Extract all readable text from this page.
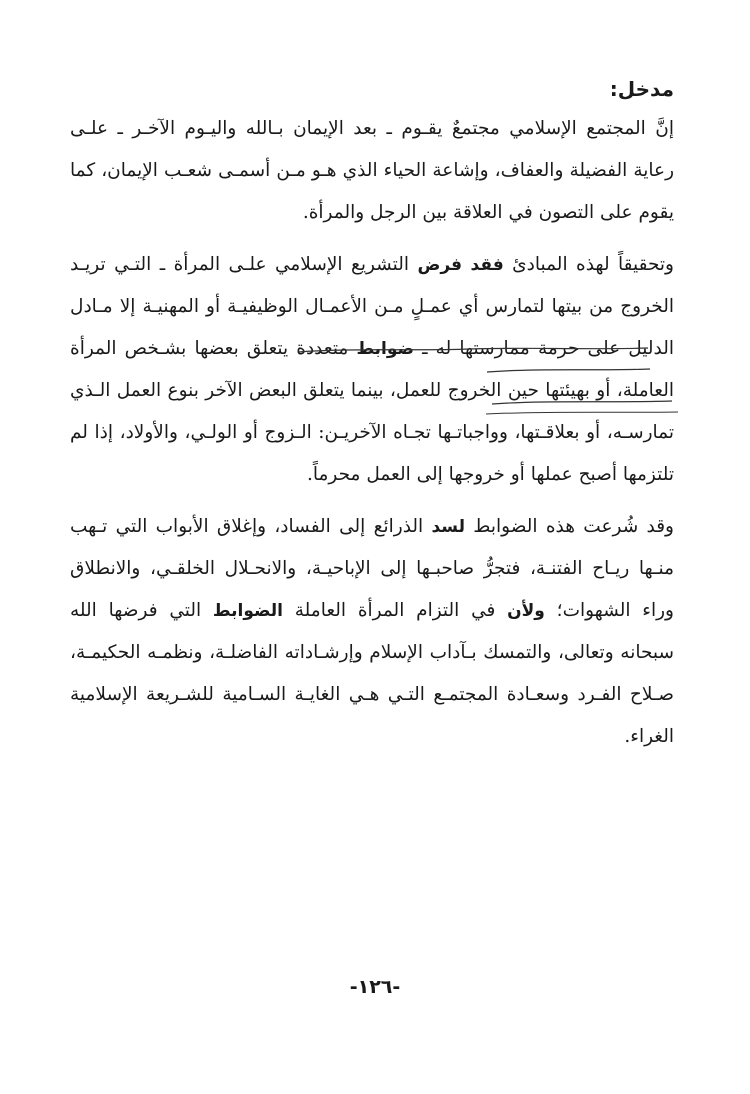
مدخل:

إنَّ المجتمع الإسلامي مجتمعٌ يقـوم ـ بعد الإيمان بـالله واليـوم الآخـر ـ علـى رعاية الفضيلة والعفاف، وإشاعة الحياء الذي هـو مـن أسمـى شعـب الإيمان، كما يقوم على التصون في العلاقة بين الرجل والمرأة.

وتحقيقاً لهذه المبادئ فقد فرض التشريع الإسلامي علـى المرأة ـ التـي تريـد الخروج من بيتها لتمارس أي عمـلٍ مـن الأعمـال الوظيفيـة أو المهنيـة إلا مـادل الدليل على حرمة ممارستها له ـ ضوابط متعددة يتعلق بعضها بشـخص المرأة العاملة، أو بهيئتها حين الخروج للعمل، بينما يتعلق البعض الآخر بنوع العمل الـذي تمارسـه، أو بعلاقـتها، وواجباتـها تجـاه الآخريـن: الـزوج أو الولـي، والأولاد، إذا لم تلتزمها أصبح عملها أو خروجها إلى العمل محرماً.

وقد شُرعت هذه الضوابط لسد الذرائع إلى الفساد، وإغلاق الأبواب التي تـهب منـها ريـاح الفتنـة، فتجرُّ صاحبـها إلى الإباحيـة، والانحـلال الخلقـي، والانطلاق وراء الشهوات؛ ولأن في التزام المرأة العاملة الضوابط التي فرضها الله سبحانه وتعالى، والتمسك بـآداب الإسلام وإرشـاداته الفاضلـة، ونظمـه الحكيمـة، صـلاح الفـرد وسعـادة المجتمـع التـي هـي الغايـة السـامية للشـريعة الإسلامية الغراء.

-١٢٦-
